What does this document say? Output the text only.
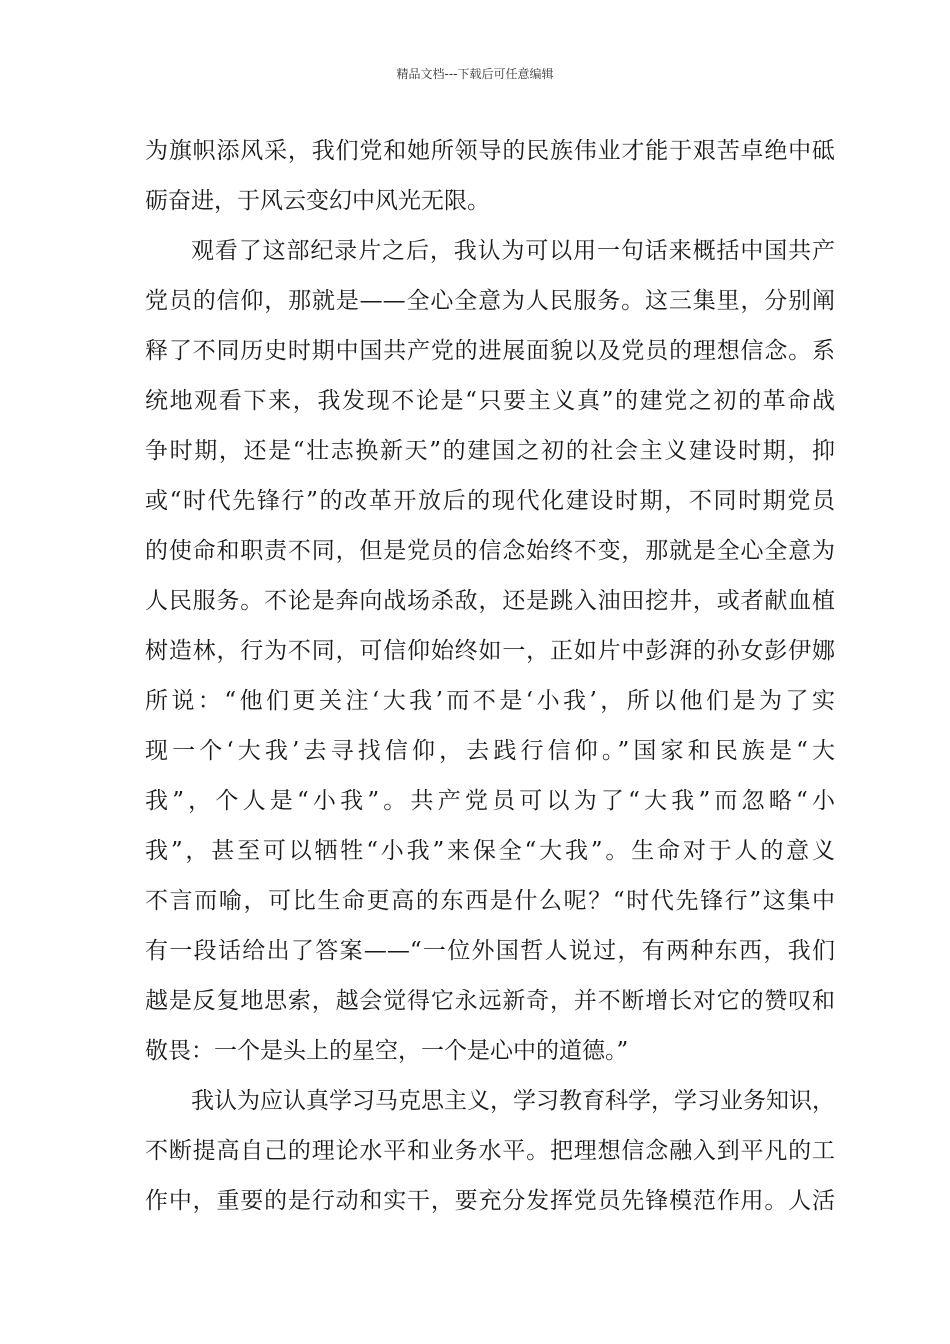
精品文档---下载后可任意编辑
为旗帜添风采，我们党和她所领导的民族伟业才能于艰苦卓绝中砥
砺奋进，于风云变幻中风光无限。
观看了这部纪录片之后，我认为可以用一句话来概括中国共产
党员的信仰，那就是——全心全意为人民服务。这三集里，分别阐
释了不同历史时期中国共产党的进展面貌以及党员的理想信念。系
统地观看下来，我发现不论是“只要主义真”的建党之初的革命战
争时期，还是“壮志换新天”的建国之初的社会主义建设时期，抑
或“时代先锋行”的改革开放后的现代化建设时期，不同时期党员
的使命和职责不同，但是党员的信念始终不变，那就是全心全意为
人民服务。不论是奔向战场杀敌，还是跳入油田挖井，或者献血植
树造林，行为不同，可信仰始终如一，正如片中彭湃的孙女彭伊娜
所说：“他们更关注‘大我’而不是‘小我’，所以他们是为了实
现一个‘大我’去寻找信仰，去践行信仰。”国家和民族是“大
我”，个人是“小我”。共产党员可以为了“大我”而忽略“小
我”，甚至可以牺牲“小我”来保全“大我”。生命对于人的意义
不言而喻，可比生命更高的东西是什么呢？“时代先锋行”这集中
有一段话给出了答案——“一位外国哲人说过，有两种东西，我们
越是反复地思索，越会觉得它永远新奇，并不断增长对它的赞叹和
敬畏：一个是头上的星空，一个是心中的道德。”
我认为应认真学习马克思主义，学习教育科学，学习业务知识，
不断提高自己的理论水平和业务水平。把理想信念融入到平凡的工
作中，重要的是行动和实干，要充分发挥党员先锋模范作用。人活
